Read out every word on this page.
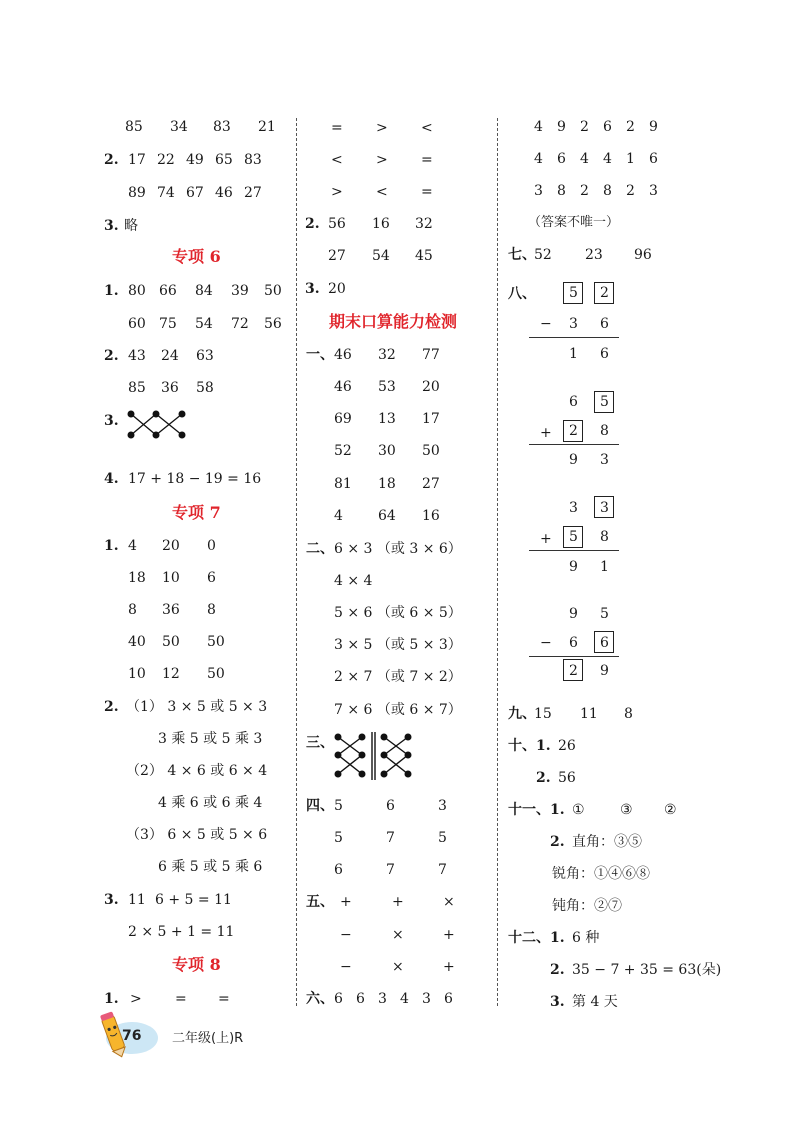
85 34 83 21
2. 17 22 49 65 83
89 74 67 46 27
3. 略
专项 6
1. 80 66 84 39 50
60 75 54 72 56
2. 43 24 63
85 36 58
3.
4. 17 + 18 − 19 = 16
专项 7
1. 4 20 0
18 10 6
8 36 8
40 50 50
10 12 50
2. （1） 3 × 5 或 5 × 3
3 乘 5 或 5 乘 3
（2） 4 × 6 或 6 × 4
4 乘 6 或 6 乘 4
（3） 6 × 5 或 5 × 6
6 乘 5 或 5 乘 6
3. 11 6 + 5 = 11
2 × 5 + 1 = 11
专项 8
1. > = =
= > <
< > =
> < =
2. 56 16 32
27 54 45
3. 20
期末口算能力检测
一、 46 32 77
46 53 20
69 13 17
52 30 50
81 18 27
4	64 16
二、 6 × 3 （或 3 × 6）
4 × 4
5 × 6 （或 6 × 5）
3 × 5 （或 5 × 3）
2 × 7 （或 7 × 2）
7 × 6 （或 6 × 7）
三、
四、 5	6	3
5	7	5
6	7	7
五、 +	+	×
−	×	+
−	×	+
六、 6 6 3 4 3 6
4 9 2 6 2 9
4 6 4 4 1 6
3 8 2 8 2 3
（答案不唯一）
七、
52 23 96
八、 5 2
− 3 6
1 6
6 5
+ 2 8
9 3
3 3
+ 5 8
9 1
9 5
− 6 6
2 9
九、
15 11 8
十、 1. 26
2. 56
十一、 1. ①	③ ②
2. 直角：③⑤
锐角：①④⑥⑧
钝角：②⑦
十二、 1. 6 种
2. 35 − 7 + 35 = 63(朵)
3. 第 4 天
76 二年级(上)R
